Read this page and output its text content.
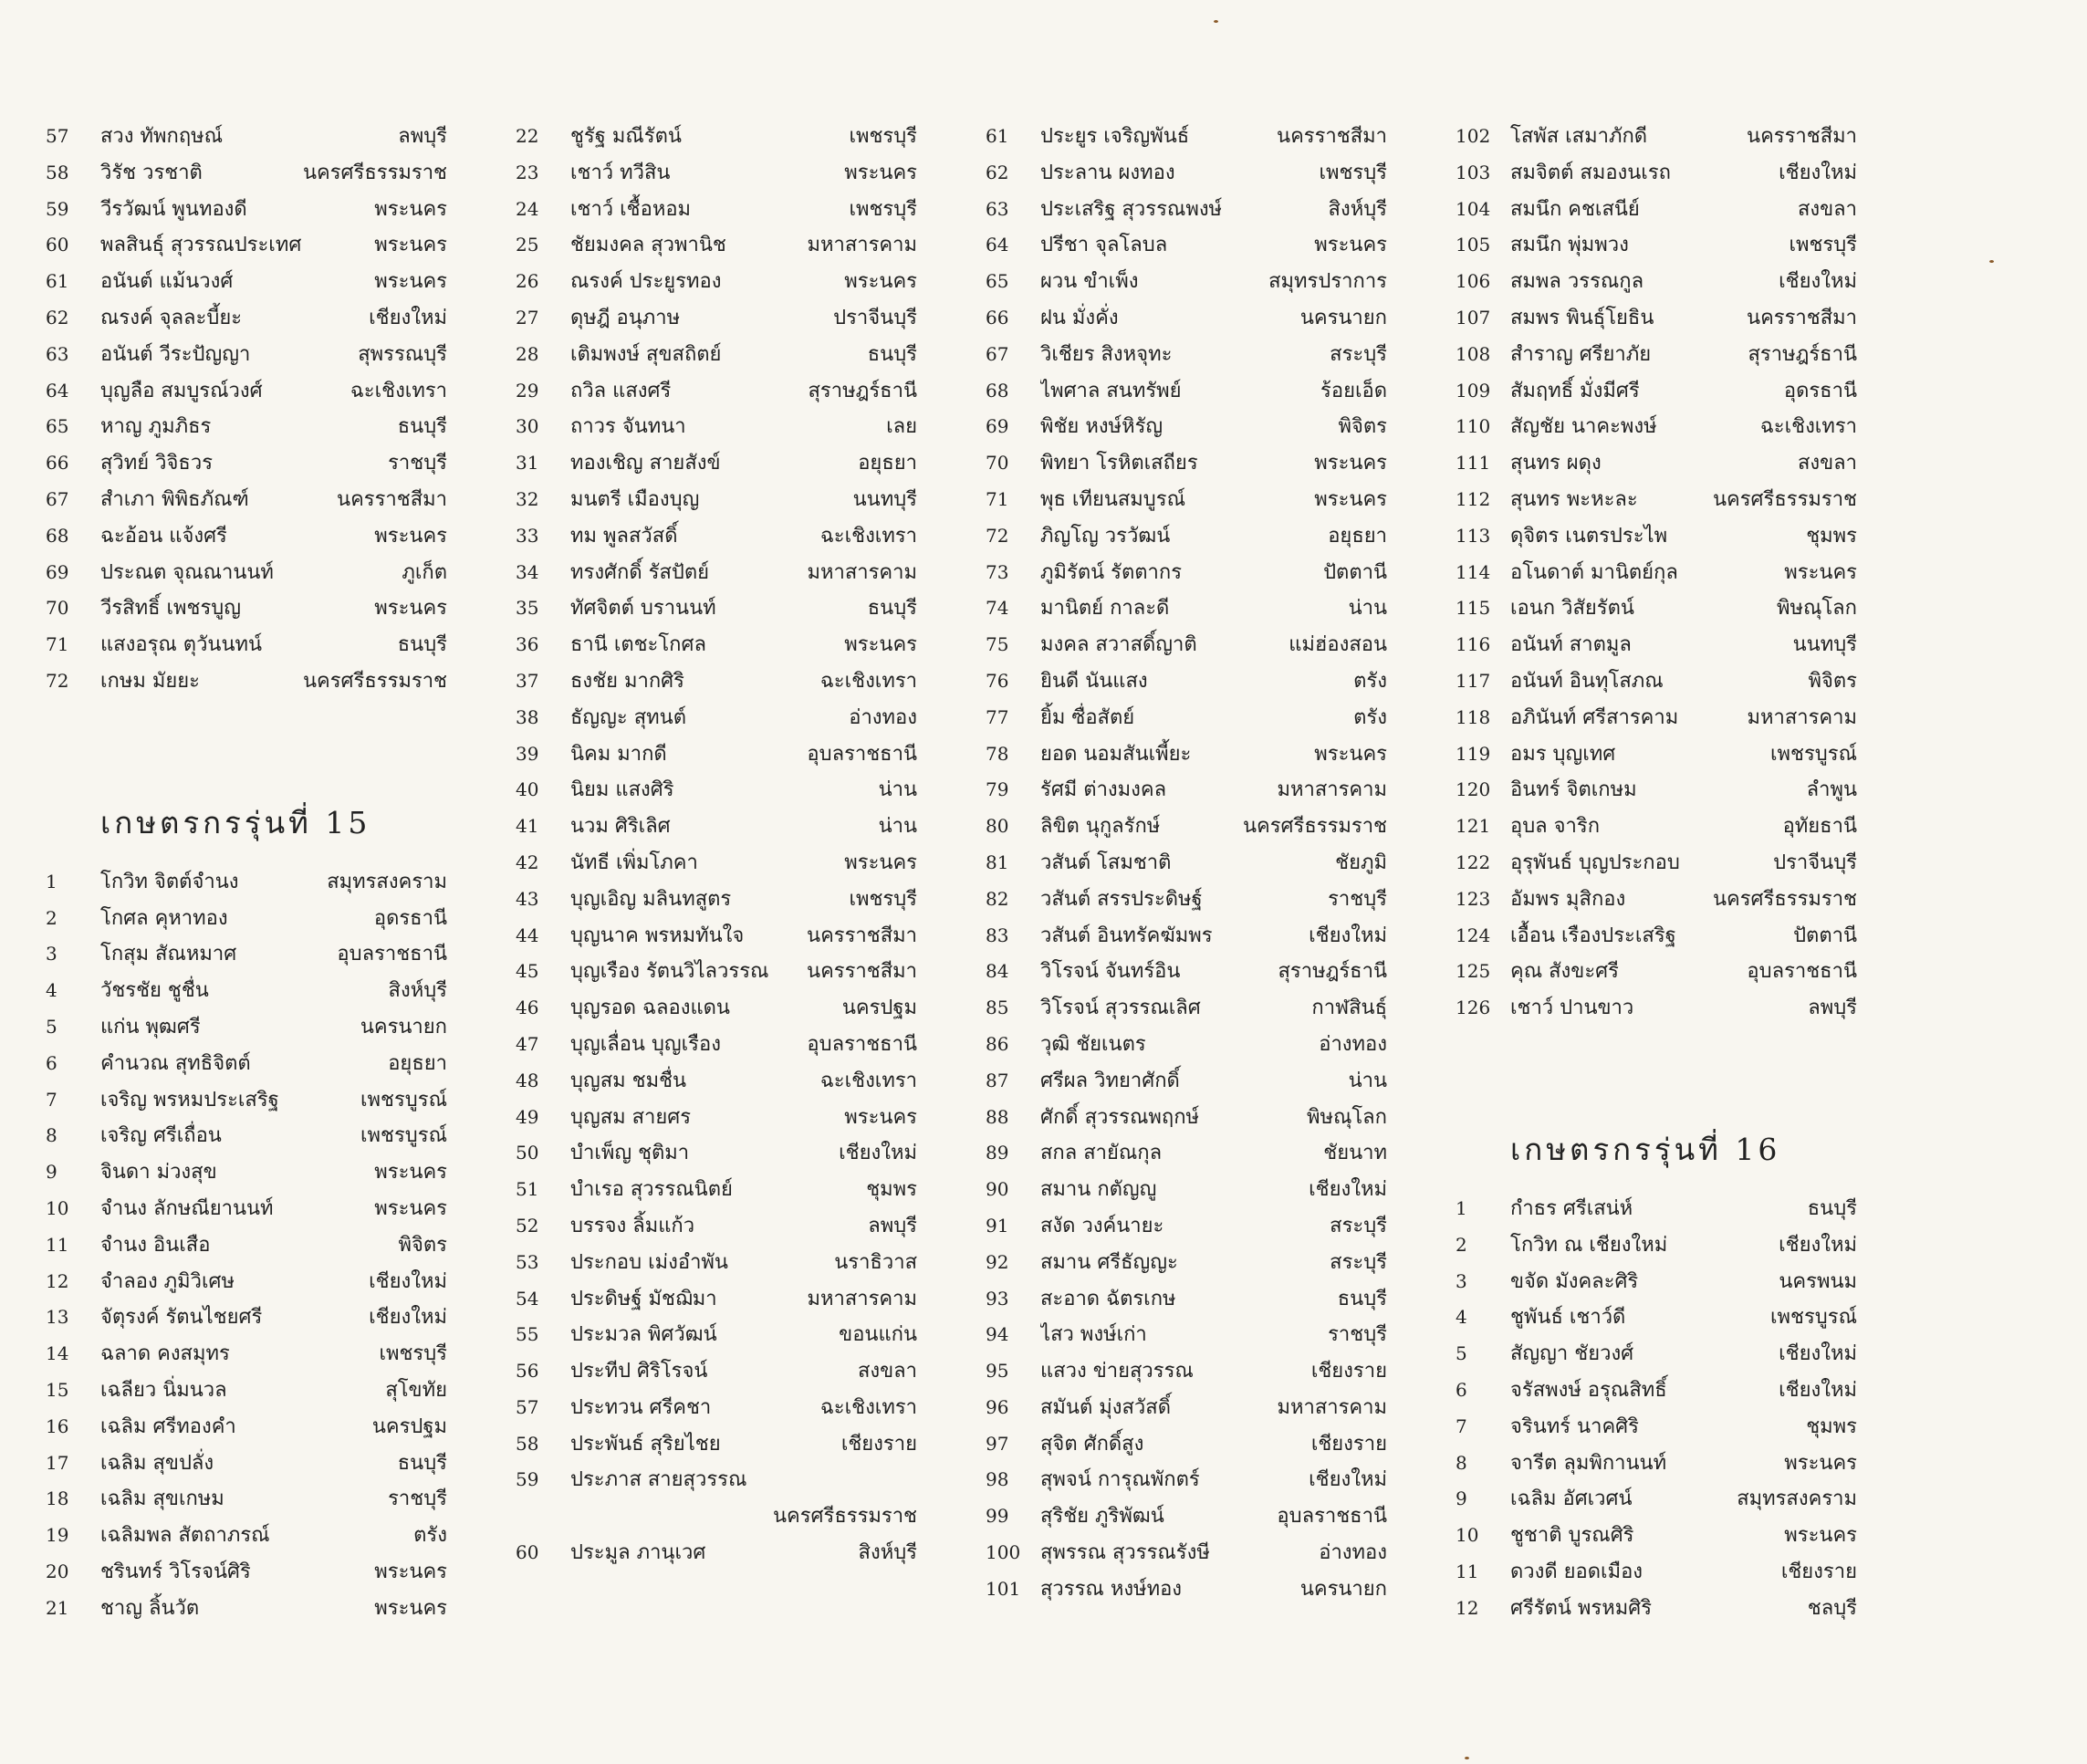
57	สวง ทัพกฤษณ์	ลพบุรี
58	วิรัช วรชาติ	นครศรีธรรมราช
59	วีรวัฒน์ พูนทองดี	พระนคร
60	พลสินธุ์ สุวรรณประเทศ	พระนคร
61	อนันต์ แม้นวงศ์	พระนคร
62	ณรงค์ จุลละบี้ยะ	เชียงใหม่
63	อนันต์ วีระปัญญา	สุพรรณบุรี
64	บุญลือ สมบูรณ์วงศ์	ฉะเชิงเทรา
65	หาญ ภูมภิธร	ธนบุรี
66	สุวิทย์ วิจิธวร	ราชบุรี
67	สำเภา พิพิธภัณฑ์	นครราชสีมา
68	ฉะอ้อน แจ้งศรี	พระนคร
69	ประณต จุณณานนท์	ภูเก็ต
70	วีรสิทธิ์ เพชรบูญ	พระนคร
71	แสงอรุณ ตุวันนทน์	ธนบุรี
72	เกษม มัยยะ	นครศรีธรรมราช
เกษตรกรรุ่นที่ 15
1	โกวิท จิตต์จำนง	สมุทรสงคราม
2	โกศล คุหาทอง	อุดรธานี
3	โกสุม สัณหมาศ	อุบลราชธานี
4	วัชรชัย ชูชื่น	สิงห์บุรี
5	แก่น พุฒศรี	นครนายก
6	คำนวณ สุทธิจิตต์	อยุธยา
7	เจริญ พรหมประเสริฐ	เพชรบูรณ์
8	เจริญ ศรีเถื่อน	เพชรบูรณ์
9	จินดา ม่วงสุข	พระนคร
10	จำนง ลักษณียานนท์	พระนคร
11	จำนง อินเสือ	พิจิตร
12	จำลอง ภูมิวิเศษ	เชียงใหม่
13	จัตุรงค์ รัตนไชยศรี	เชียงใหม่
14	ฉลาด คงสมุทร	เพชรบุรี
15	เฉลียว นิ่มนวล	สุโขทัย
16	เฉลิม ศรีทองคำ	นครปฐม
17	เฉลิม สุขปลั่ง	ธนบุรี
18	เฉลิม สุขเกษม	ราชบุรี
19	เฉลิมพล สัตถาภรณ์	ตรัง
20	ชรินทร์ วิโรจน์ศิริ	พระนคร
21	ชาญ ลิ้นวัต	พระนคร
22	ชูรัฐ มณีรัตน์	เพชรบุรี
23	เชาว์ ทวีสิน	พระนคร
24	เชาว์ เชื้อหอม	เพชรบุรี
25	ชัยมงคล สุวพานิช	มหาสารคาม
26	ณรงค์ ประยูรทอง	พระนคร
27	ดุษฎี อนุภาษ	ปราจีนบุรี
28	เติมพงษ์ สุขสถิตย์	ธนบุรี
29	ถวิล แสงศรี	สุราษฎร์ธานี
30	ถาวร จันทนา	เลย
31	ทองเชิญ สายสังข์	อยุธยา
32	มนตรี เมืองบุญ	นนทบุรี
33	ทม พูลสวัสดิ์	ฉะเชิงเทรา
34	ทรงศักดิ์ รัสปัตย์	มหาสารคาม
35	ทัศจิตต์ บรานนท์	ธนบุรี
36	ธานี เตชะโกศล	พระนคร
37	ธงชัย มากศิริ	ฉะเชิงเทรา
38	ธัญญะ สุทนต์	อ่างทอง
39	นิคม มากดี	อุบลราชธานี
40	นิยม แสงศิริ	น่าน
41	นวม ศิริเลิศ	น่าน
42	นัทธี เพิ่มโภคา	พระนคร
43	บุญเอิญ มลินทสูตร	เพชรบุรี
44	บุญนาค พรหมทันใจ	นครราชสีมา
45	บุญเรือง รัตนวิไลวรรณ	นครราชสีมา
46	บุญรอด ฉลองแดน	นครปฐม
47	บุญเลื่อน บุญเรือง	อุบลราชธานี
48	บุญสม ชมชื่น	ฉะเชิงเทรา
49	บุญสม สายศร	พระนคร
50	บำเพ็ญ ชุติมา	เชียงใหม่
51	บำเรอ สุวรรณนิตย์	ชุมพร
52	บรรจง ลิ้มแก้ว	ลพบุรี
53	ประกอบ เม่งอำพัน	นราธิวาส
54	ประดิษฐ์ มัชฌิมา	มหาสารคาม
55	ประมวล พิศวัฒน์	ขอนแก่น
56	ประทีป ศิริโรจน์	สงขลา
57	ประทวน ศรีคชา	ฉะเชิงเทรา
58	ประพันธ์ สุริยไชย	เชียงราย
59	ประภาส สายสุวรรณ
นครศรีธรรมราช
60	ประมูล ภานุเวศ	สิงห์บุรี
61	ประยูร เจริญพันธ์	นครราชสีมา
62	ประลาน ผงทอง	เพชรบุรี
63	ประเสริฐ สุวรรณพงษ์	สิงห์บุรี
64	ปรีชา จุลโลบล	พระนคร
65	ผวน ขำเพ็ง	สมุทรปราการ
66	ฝน มั่งคั่ง	นครนายก
67	วิเชียร สิงหจุทะ	สระบุรี
68	ไพศาล สนทรัพย์	ร้อยเอ็ด
69	พิชัย หงษ์หิรัญ	พิจิตร
70	พิทยา โรหิตเสถียร	พระนคร
71	พุธ เทียนสมบูรณ์	พระนคร
72	ภิญโญ วรวัฒน์	อยุธยา
73	ภูมิรัตน์ รัตตากร	ปัตตานี
74	มานิตย์ กาละดี	น่าน
75	มงคล สวาสดิ์ญาติ	แม่ฮ่องสอน
76	ยินดี นันแสง	ตรัง
77	ยิ้ม ซื่อสัตย์	ตรัง
78	ยอด นอมสันเพี้ยะ	พระนคร
79	รัศมี ต่างมงคล	มหาสารคาม
80	ลิขิต นุกูลรักษ์	นครศรีธรรมราช
81	วสันต์ โสมชาติ	ชัยภูมิ
82	วสันต์ สรรประดิษฐ์	ราชบุรี
83	วสันต์ อินทรัคฆัมพร	เชียงใหม่
84	วิโรจน์ จันทร์อิน	สุราษฎร์ธานี
85	วิโรจน์ สุวรรณเลิศ	กาฬสินธุ์
86	วุฒิ ชัยเนตร	อ่างทอง
87	ศรีผล วิทยาศักดิ์	น่าน
88	ศักดิ์ สุวรรณพฤกษ์	พิษณุโลก
89	สกล สายัณกุล	ชัยนาท
90	สมาน กตัญญู	เชียงใหม่
91	สงัด วงค์นายะ	สระบุรี
92	สมาน ศรีธัญญะ	สระบุรี
93	สะอาด ฉัตรเกษ	ธนบุรี
94	ไสว พงษ์เก่า	ราชบุรี
95	แสวง ข่ายสุวรรณ	เชียงราย
96	สมันต์ มุ่งสวัสดิ์	มหาสารคาม
97	สุจิต ศักดิ์สูง	เชียงราย
98	สุพจน์ การุณพักตร์	เชียงใหม่
99	สุริชัย ภูริพัฒน์	อุบลราชธานี
100 สุพรรณ สุวรรณรังษี	อ่างทอง
101 สุวรรณ หงษ์ทอง	นครนายก
102 โสพัส เสมาภักดี	นครราชสีมา
103 สมจิตต์ สมองนเรถ	เชียงใหม่
104 สมนึก คชเสนีย์	สงขลา
105 สมนึก พุ่มพวง	เพชรบุรี
106 สมพล วรรณกูล	เชียงใหม่
107 สมพร พินธุ์โยธิน	นครราชสีมา
108 สำราญ ศรียาภัย	สุราษฎร์ธานี
109 สัมฤทธิ์ มั่งมีศรี	อุดรธานี
110 สัญชัย นาคะพงษ์	ฉะเชิงเทรา
111 สุนทร ผดุง	สงขลา
112 สุนทร พะหะละ	นครศรีธรรมราช
113 ดุจิตร เนตรประไพ	ชุมพร
114 อโนดาต์ มานิตย์กุล	พระนคร
115 เอนก วิสัยรัตน์	พิษณุโลก
116 อนันท์ สาตมูล	นนทบุรี
117 อนันท์ อินทุโสภณ	พิจิตร
118 อภินันท์ ศรีสารคาม	มหาสารคาม
119 อมร บุญเทศ	เพชรบูรณ์
120 อินทร์ จิตเกษม	ลำพูน
121 อุบล จาริก	อุทัยธานี
122 อุรุพันธ์ บุญประกอบ	ปราจีนบุรี
123 อัมพร มุสิกอง	นครศรีธรรมราช
124 เอื้อน เรืองประเสริฐ	ปัตตานี
125 คุณ สังขะศรี	อุบลราชธานี
126 เชาว์ ปานขาว	ลพบุรี
เกษตรกรรุ่นที่ 16
1	กำธร ศรีเสน่ห์	ธนบุรี
2	โกวิท ณ เชียงใหม่	เชียงใหม่
3	ขจัด มังคละศิริ	นครพนม
4	ชูพันธ์ เชาว์ดี	เพชรบูรณ์
5	สัญญา ชัยวงศ์	เชียงใหม่
6	จรัสพงษ์ อรุณสิทธิ์	เชียงใหม่
7	จรินทร์ นาคศิริ	ชุมพร
8	จารีต ลุมพิกานนท์	พระนคร
9	เฉลิม อัศเวศน์	สมุทรสงคราม
10	ชูชาติ บูรณศิริ	พระนคร
11	ดวงดี ยอดเมือง	เชียงราย
12	ศรีรัตน์ พรหมศิริ	ชลบุรี
